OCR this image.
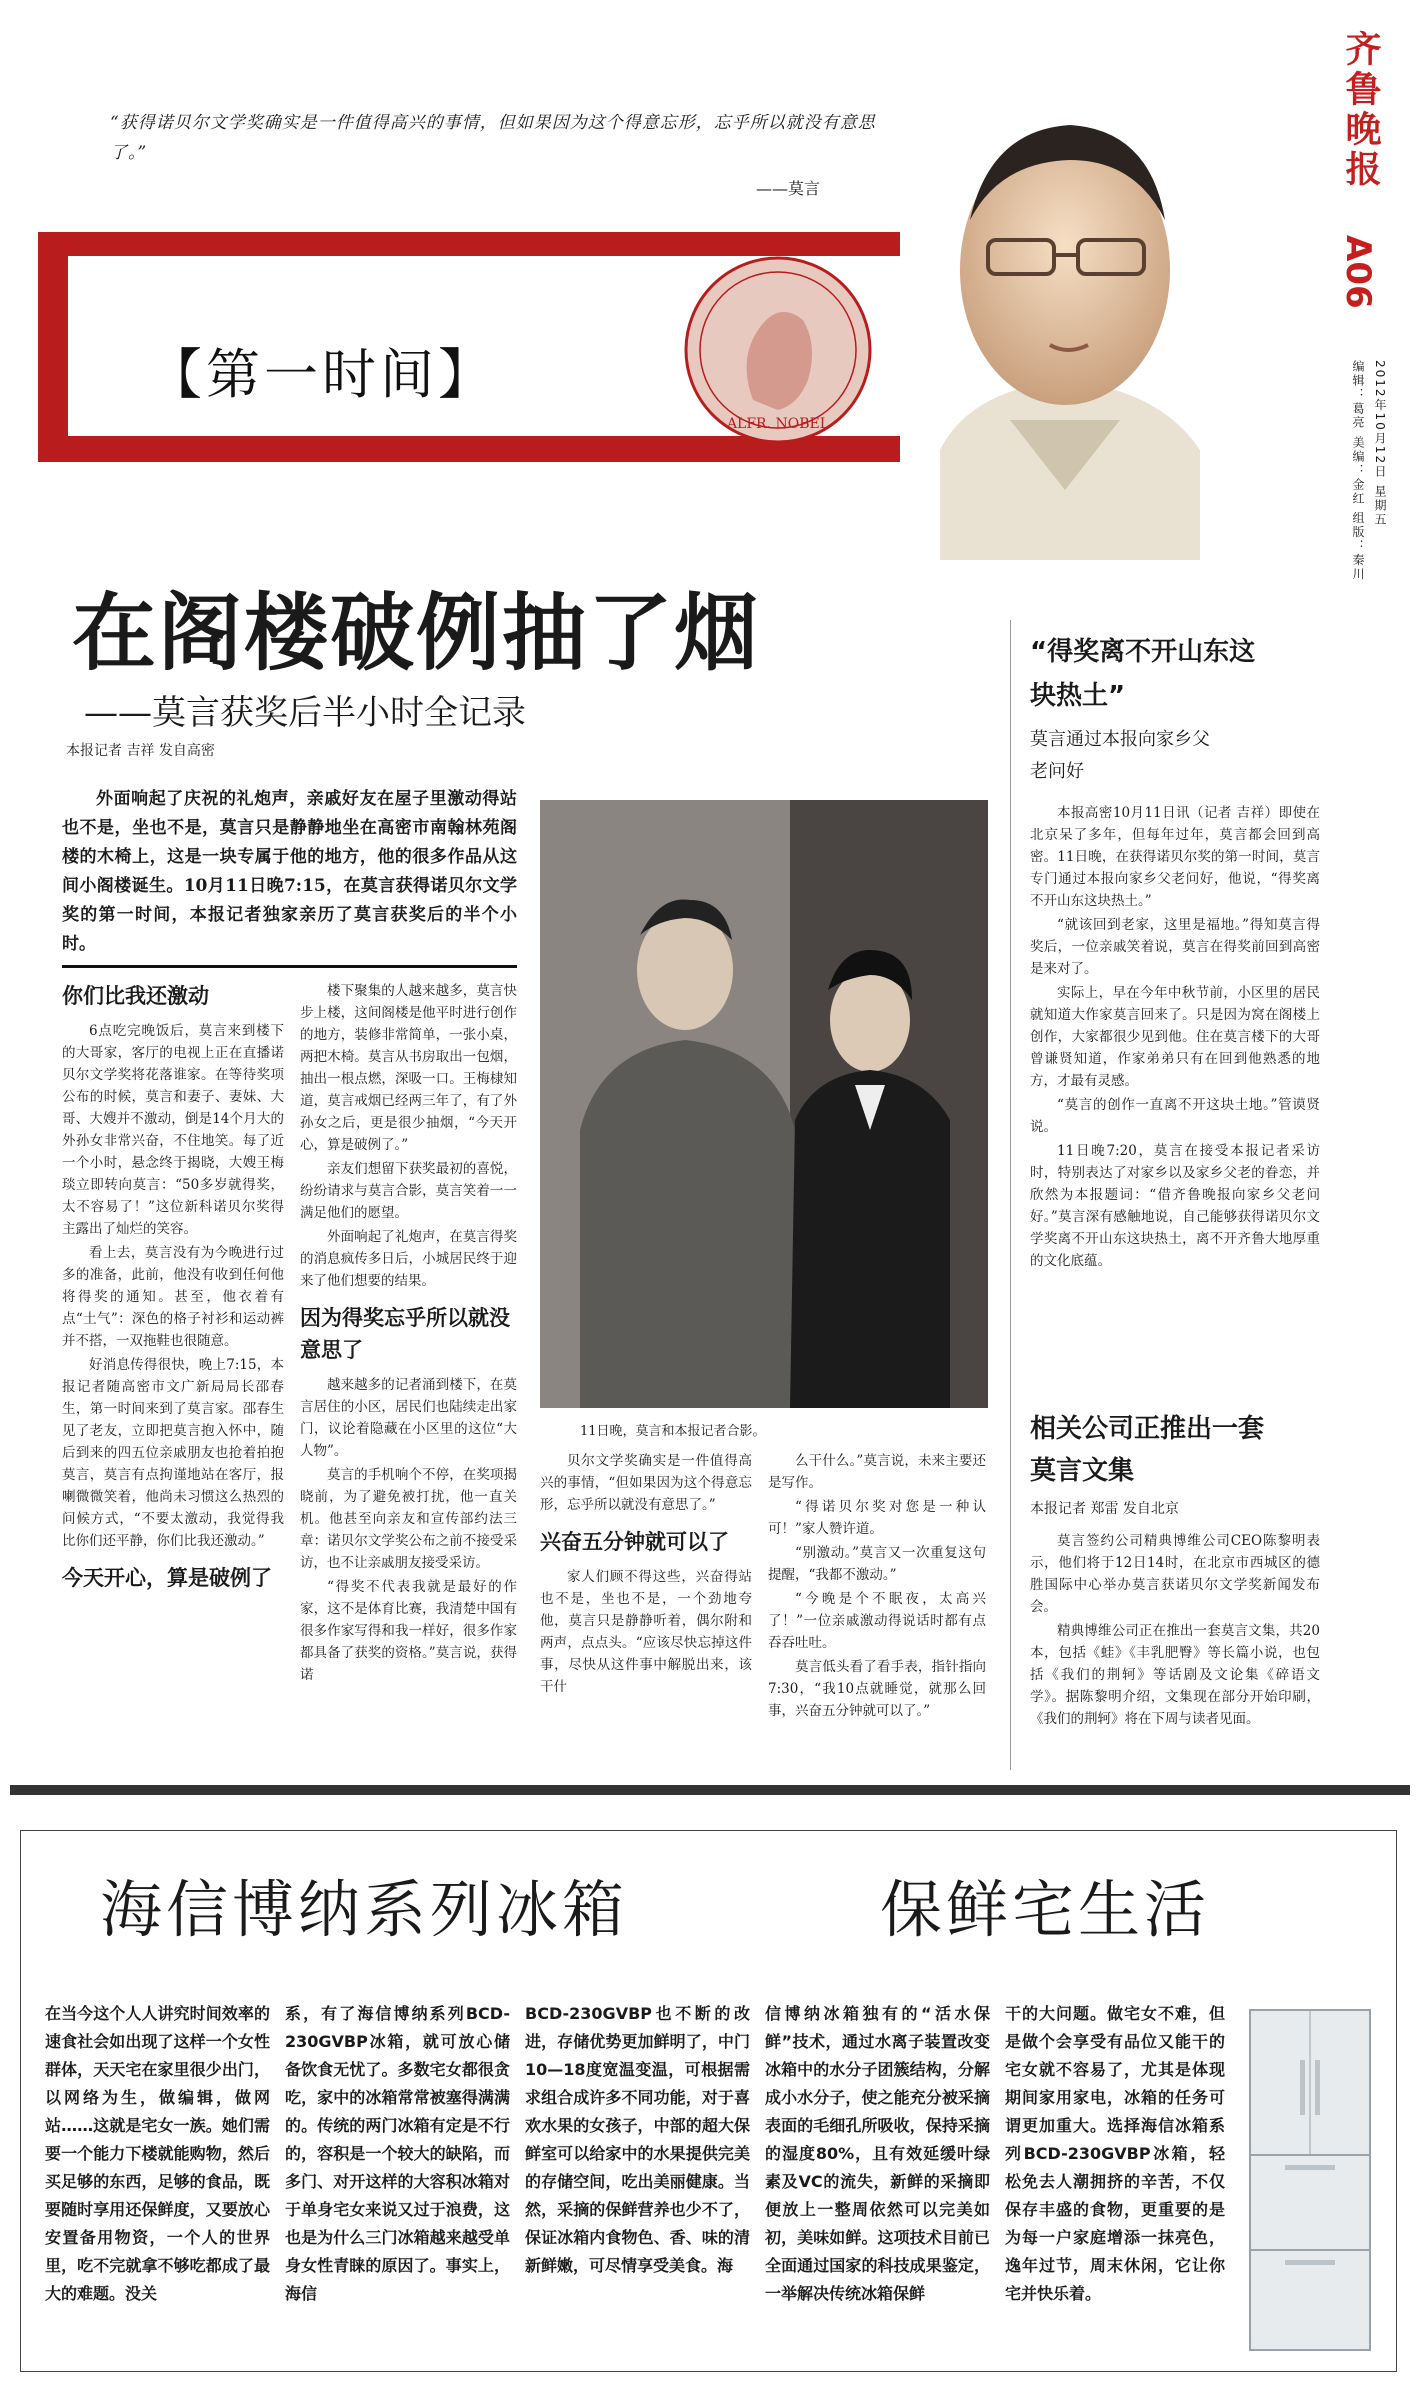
齐鲁晚报
A06
2012年10月12日 星期五
编辑：葛亮 美编：金红 组版：秦川

“获得诺贝尔文学奖确实是一件值得高兴的事情，但如果因为这个得意忘形，忘乎所以就没有意思了。”

——莫言
ALFR. NOBEL
【第一时间】
在阁楼破例抽了烟
——莫言获奖后半小时全记录
本报记者 吉祥 发自高密

外面响起了庆祝的礼炮声，亲戚好友在屋子里激动得站也不是，坐也不是，莫言只是静静地坐在高密市南翰林苑阁楼的木椅上，这是一块专属于他的地方，他的很多作品从这间小阁楼诞生。10月11日晚7:15，在莫言获得诺贝尔文学奖的第一时间，本报记者独家亲历了莫言获奖后的半个小时。

你们比我还激动

6点吃完晚饭后，莫言来到楼下的大哥家，客厅的电视上正在直播诺贝尔文学奖将花落谁家。在等待奖项公布的时候，莫言和妻子、妻妹、大哥、大嫂并不激动，倒是14个月大的外孙女非常兴奋，不住地笑。每了近一个小时，悬念终于揭晓，大嫂王梅琰立即转向莫言：“50多岁就得奖，太不容易了！”这位新科诺贝尔奖得主露出了灿烂的笑容。

看上去，莫言没有为今晚进行过多的准备，此前，他没有收到任何他将得奖的通知。甚至，他衣着有点“土气”：深色的格子衬衫和运动裤并不搭，一双拖鞋也很随意。

好消息传得很快，晚上7:15，本报记者随高密市文广新局局长邵春生，第一时间来到了莫言家。邵春生见了老友，立即把莫言抱入怀中，随后到来的四五位亲戚朋友也抢着拍抱莫言，莫言有点拘谨地站在客厅，报喇微微笑着，他尚未习惯这么热烈的问候方式，“不要太激动，我觉得我比你们还平静，你们比我还激动。”

今天开心，算是破例了

楼下聚集的人越来越多，莫言快步上楼，这间阁楼是他平时进行创作的地方，装修非常简单，一张小桌，两把木椅。莫言从书房取出一包烟，抽出一根点燃，深吸一口。王梅棣知道，莫言戒烟已经两三年了，有了外孙女之后，更是很少抽烟，“今天开心，算是破例了。”

亲友们想留下获奖最初的喜悦，纷纷请求与莫言合影，莫言笑着一一满足他们的愿望。

外面响起了礼炮声，在莫言得奖的消息疯传多日后，小城居民终于迎来了他们想要的结果。

因为得奖忘乎所以就没意思了

越来越多的记者涌到楼下，在莫言居住的小区，居民们也陆续走出家门，议论着隐藏在小区里的这位“大人物”。

莫言的手机响个不停，在奖项揭晓前，为了避免被打扰，他一直关机。他甚至向亲友和宣传部约法三章：诺贝尔文学奖公布之前不接受采访，也不让亲戚朋友接受采访。

“得奖不代表我就是最好的作家，这不是体育比赛，我清楚中国有很多作家写得和我一样好，很多作家都具备了获奖的资格。”莫言说，获得诺

11日晚，莫言和本报记者合影。

贝尔文学奖确实是一件值得高兴的事情，“但如果因为这个得意忘形，忘乎所以就没有意思了。”

兴奋五分钟就可以了

家人们顾不得这些，兴奋得站也不是，坐也不是，一个劲地夸他，莫言只是静静听着，偶尔附和两声，点点头。“应该尽快忘掉这件事，尽快从这件事中解脱出来，该干什

么干什么。”莫言说，未来主要还是写作。

“得诺贝尔奖对您是一种认可！”家人赞许道。

“别激动。”莫言又一次重复这句提醒，“我都不激动。”

“今晚是个不眠夜，太高兴了！”一位亲戚激动得说话时都有点吞吞吐吐。

莫言低头看了看手表，指针指向7:30，“我10点就睡觉，就那么回事，兴奋五分钟就可以了。”

“得奖离不开山东这块热土”
莫言通过本报向家乡父老问好

本报高密10月11日讯（记者 吉祥）即使在北京呆了多年，但每年过年，莫言都会回到高密。11日晚，在获得诺贝尔奖的第一时间，莫言专门通过本报向家乡父老问好，他说，“得奖离不开山东这块热土。”

“就该回到老家，这里是福地。”得知莫言得奖后，一位亲戚笑着说，莫言在得奖前回到高密是来对了。

实际上，早在今年中秋节前，小区里的居民就知道大作家莫言回来了。只是因为窝在阁楼上创作，大家都很少见到他。住在莫言楼下的大哥曾谦贤知道，作家弟弟只有在回到他熟悉的地方，才最有灵感。

“莫言的创作一直离不开这块土地。”管谟贤说。

11日晚7:20，莫言在接受本报记者采访时，特别表达了对家乡以及家乡父老的眷恋，并欣然为本报题词：“借齐鲁晚报向家乡父老问好。”莫言深有感触地说，自己能够获得诺贝尔文学奖离不开山东这块热土，离不开齐鲁大地厚重的文化底蕴。

相关公司正推出一套莫言文集
本报记者 郑雷 发自北京

莫言签约公司精典博维公司CEO陈黎明表示，他们将于12日14时，在北京市西城区的德胜国际中心举办莫言获诺贝尔文学奖新闻发布会。

精典博维公司正在推出一套莫言文集，共20本，包括《蛙》《丰乳肥臀》等长篇小说，也包括《我们的荆轲》等话剧及文论集《碎语文学》。据陈黎明介绍，文集现在部分开始印刷，《我们的荆轲》将在下周与读者见面。

海信博纳系列冰箱	保鲜宅生活
在当今这个人人讲究时间效率的速食社会如出现了这样一个女性群体，天天宅在家里很少出门，以网络为生，做编辑，做网站……这就是宅女一族。她们需要一个能力下楼就能购物，然后买足够的东西，足够的食品，既要随时享用还保鲜度，又要放心安置备用物资，一个人的世界里，吃不完就拿不够吃都成了最大的难题。没关
系，有了海信博纳系列BCD-230GVBP冰箱，就可放心储备饮食无忧了。多数宅女都很贪吃，家中的冰箱常常被塞得满满的。传统的两门冰箱有定是不行的，容积是一个较大的缺陷，而多门、对开这样的大容积冰箱对于单身宅女来说又过于浪费，这也是为什么三门冰箱越来越受单身女性青睐的原因了。事实上，海信
BCD-230GVBP也不断的改进，存储优势更加鲜明了，中门10—18度宽温变温，可根据需求组合成许多不同功能，对于喜欢水果的女孩子，中部的超大保鲜室可以给家中的水果提供完美的存储空间，吃出美丽健康。当然，采摘的保鲜营养也少不了，保证冰箱内食物色、香、味的清新鲜嫩，可尽情享受美食。海
信博纳冰箱独有的“活水保鲜”技术，通过水离子装置改变冰箱中的水分子团簇结构，分解成小水分子，使之能充分被采摘表面的毛细孔所吸收，保持采摘的湿度80%，且有效延缓叶绿素及VC的流失，新鲜的采摘即便放上一整周依然可以完美如初，美味如鲜。这项技术目前已全面通过国家的科技成果鉴定，一举解决传统冰箱保鲜
干的大问题。做宅女不难，但是做个会享受有品位又能干的宅女就不容易了，尤其是体现期间家用家电，冰箱的任务可谓更加重大。选择海信冰箱系列BCD-230GVBP冰箱，轻松免去人潮拥挤的辛苦，不仅保存丰盛的食物，更重要的是为每一户家庭增添一抹亮色，逸年过节，周末休闲，它让你宅并快乐着。
